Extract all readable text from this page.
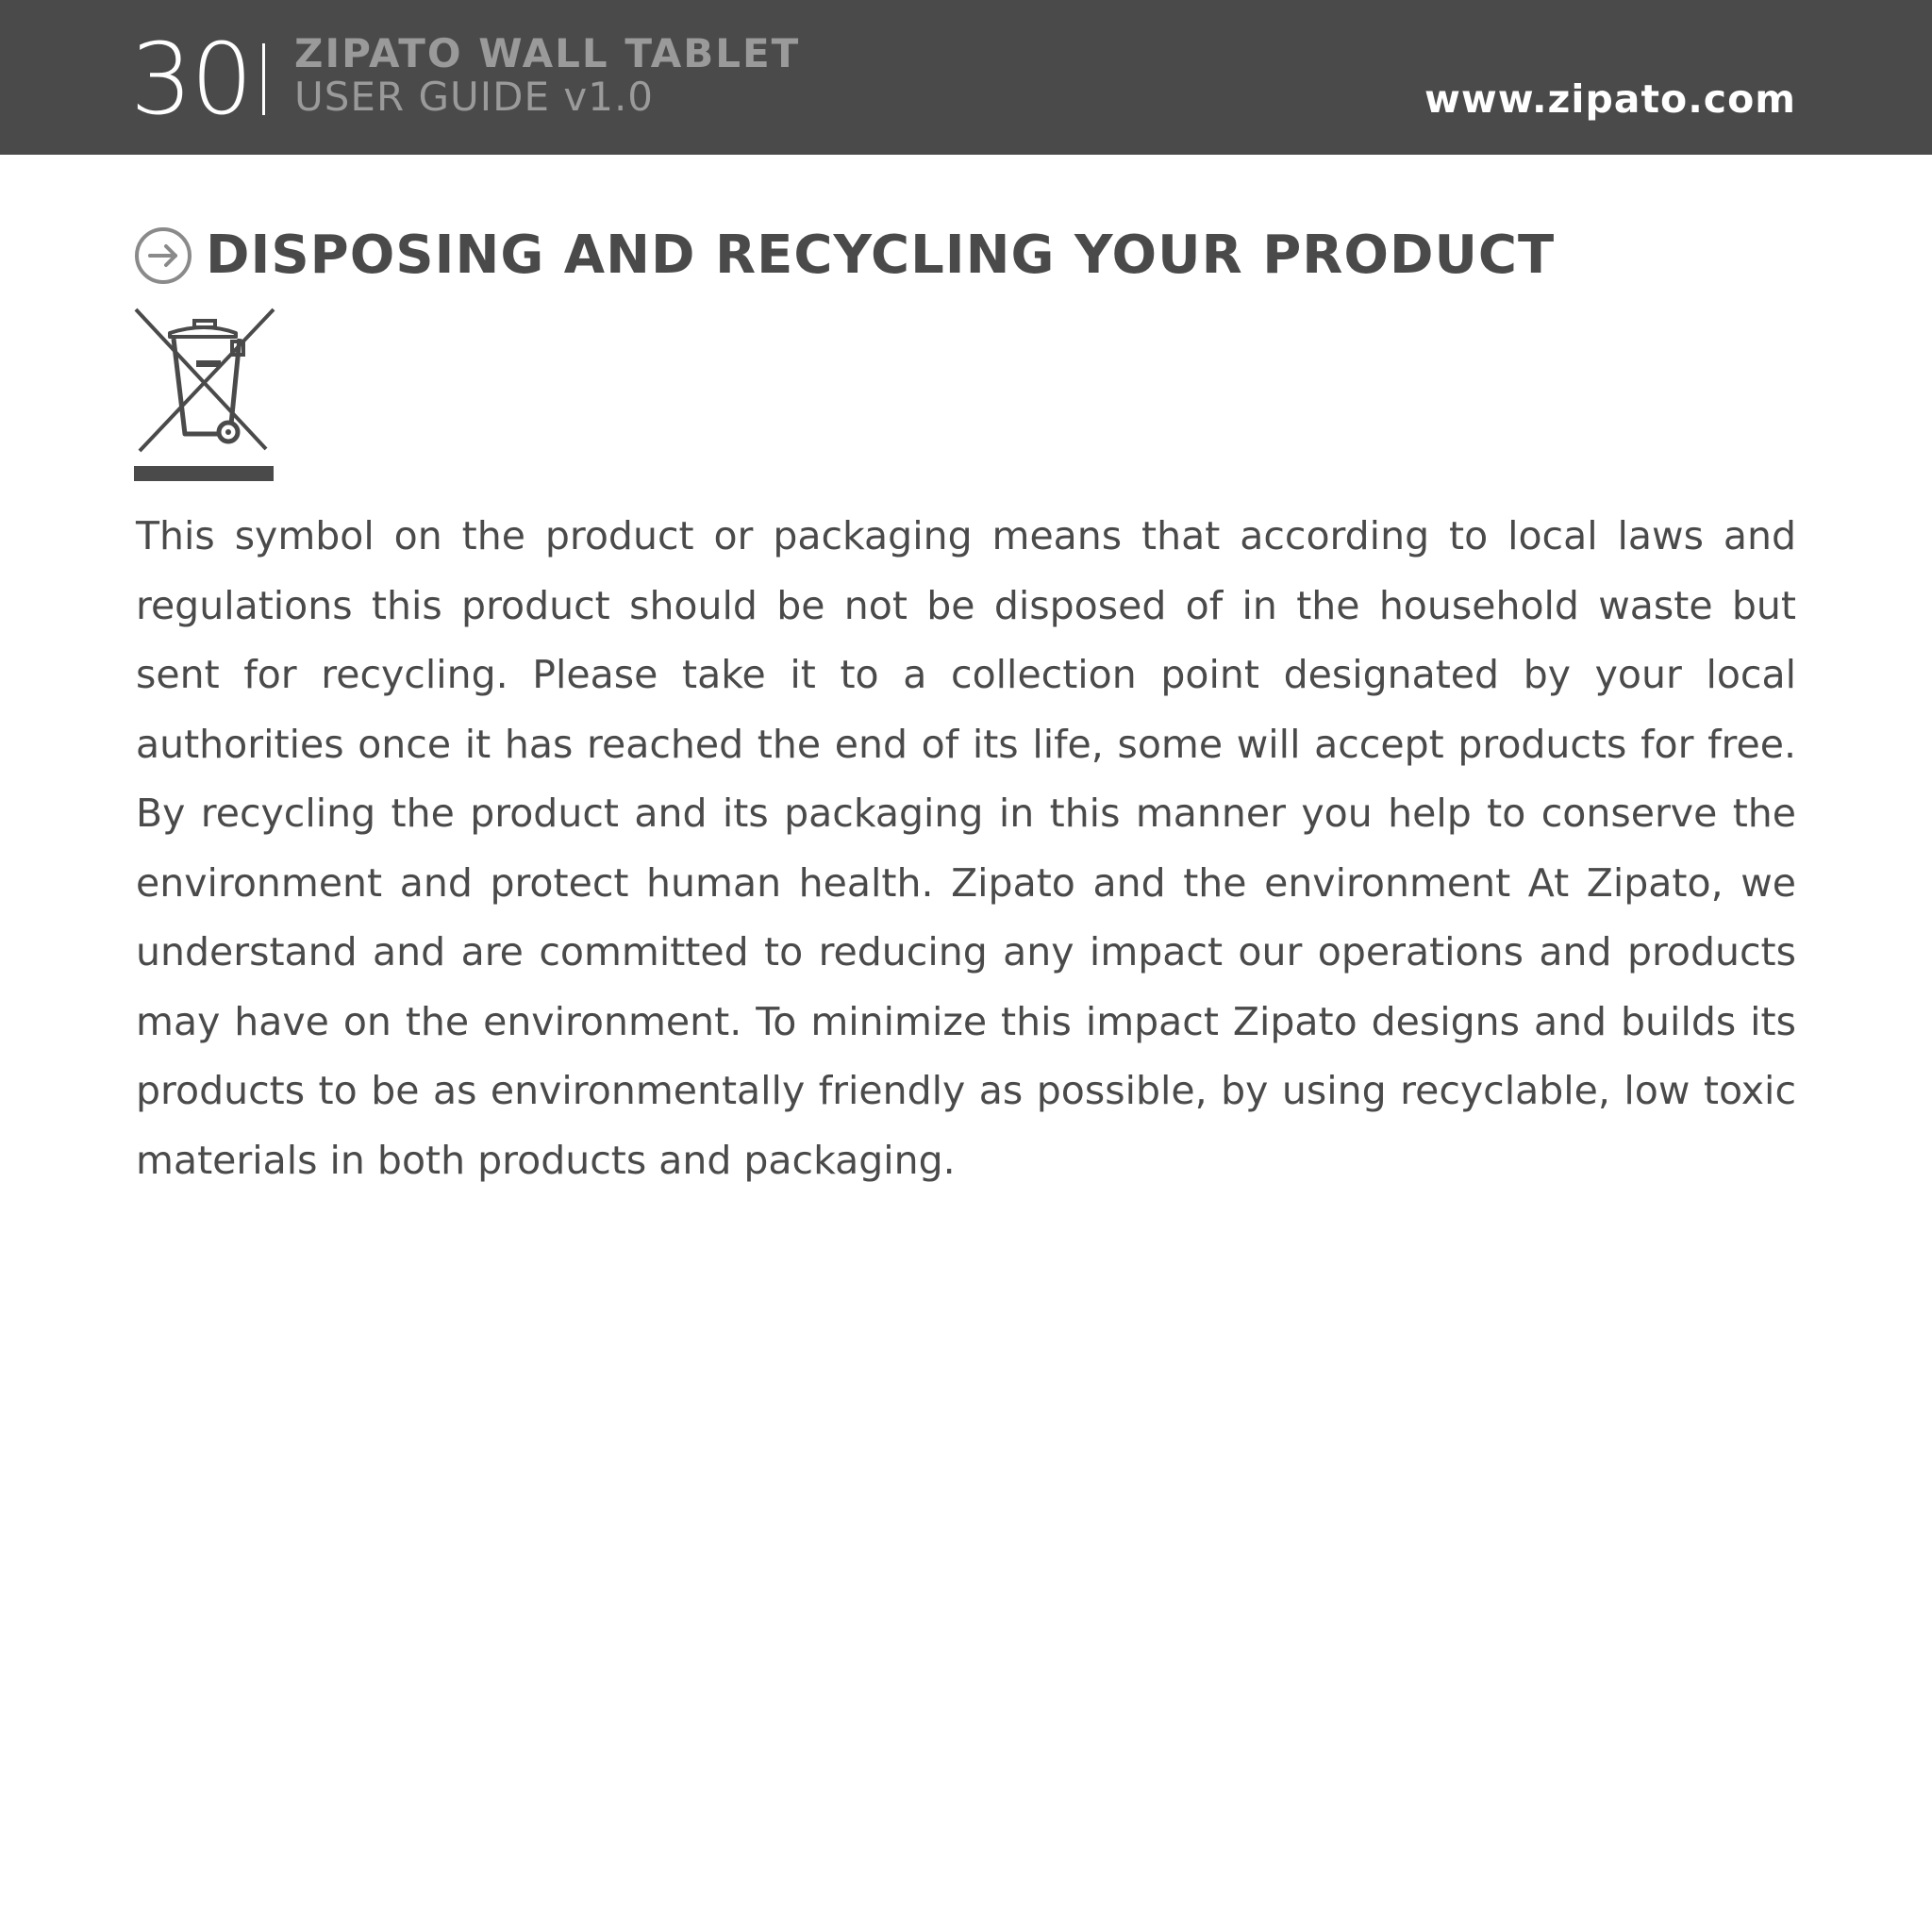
30 ZIPATO WALL TABLET
USER GUIDE v1.0	www.zipato.com
DISPOSING AND RECYCLING YOUR PRODUCT

This symbol on the product or packaging means that according to local laws and regulations this product should be not be disposed of in the household waste but sent for recycling. Please take it to a collection point designated by your local authorities once it has reached the end of its life, some will accept products for free. By recycling the product and its packaging in this manner you help to conserve the environment and protect human health. Zipato and the environment At Zipato, we understand and are committed to reducing any impact our operations and products may have on the environment. To minimize this impact Zipato designs and builds its products to be as environmentally friendly as possible, by using recyclable, low toxic materials in both products and packaging.
